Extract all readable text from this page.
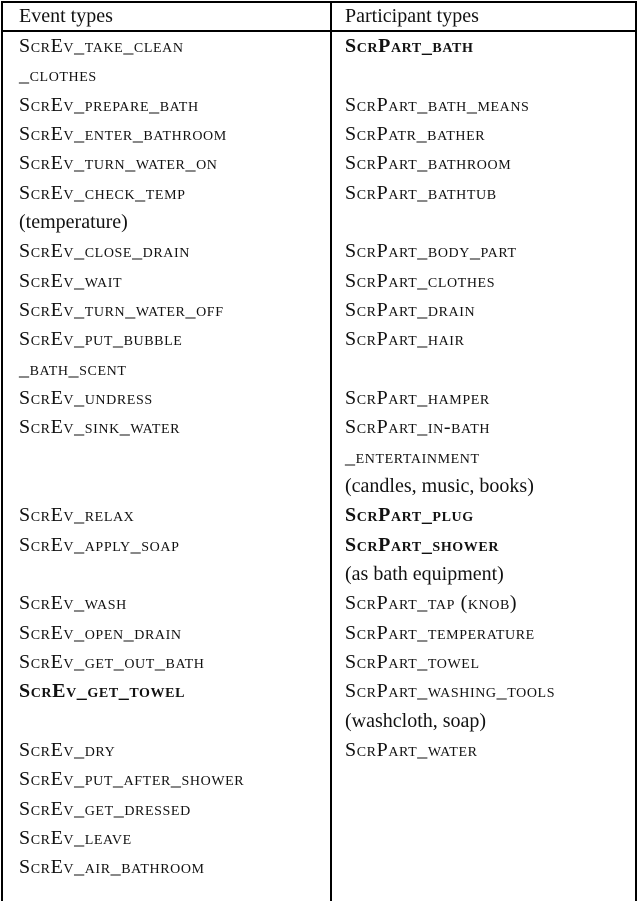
Event types	Participant types
ScrEv_take_clean
_clothes
ScrEv_prepare_bath
ScrEv_enter_bathroom
ScrEv_turn_water_on
ScrEv_check_temp
(temperature)
ScrEv_close_drain
ScrEv_wait
ScrEv_turn_water_off
ScrEv_put_bubble
_bath_scent
ScrEv_undress
ScrEv_sink_water
ScrEv_relax
ScrEv_apply_soap
ScrEv_wash
ScrEv_open_drain
ScrEv_get_out_bath
ScrEv_get_towel
ScrEv_dry
ScrEv_put_after_shower
ScrEv_get_dressed
ScrEv_leave
ScrEv_air_bathroom
ScrPart_bath
ScrPart_bath_means
ScrPatr_bather
ScrPart_bathroom
ScrPart_bathtub
ScrPart_body_part
ScrPart_clothes
ScrPart_drain
ScrPart_hair
ScrPart_hamper
ScrPart_in-bath
_entertainment
(candles, music, books)
ScrPart_plug
ScrPart_shower
(as bath equipment)
ScrPart_tap (knob)
ScrPart_temperature
ScrPart_towel
ScrPart_washing_tools
(washcloth, soap)
ScrPart_water
